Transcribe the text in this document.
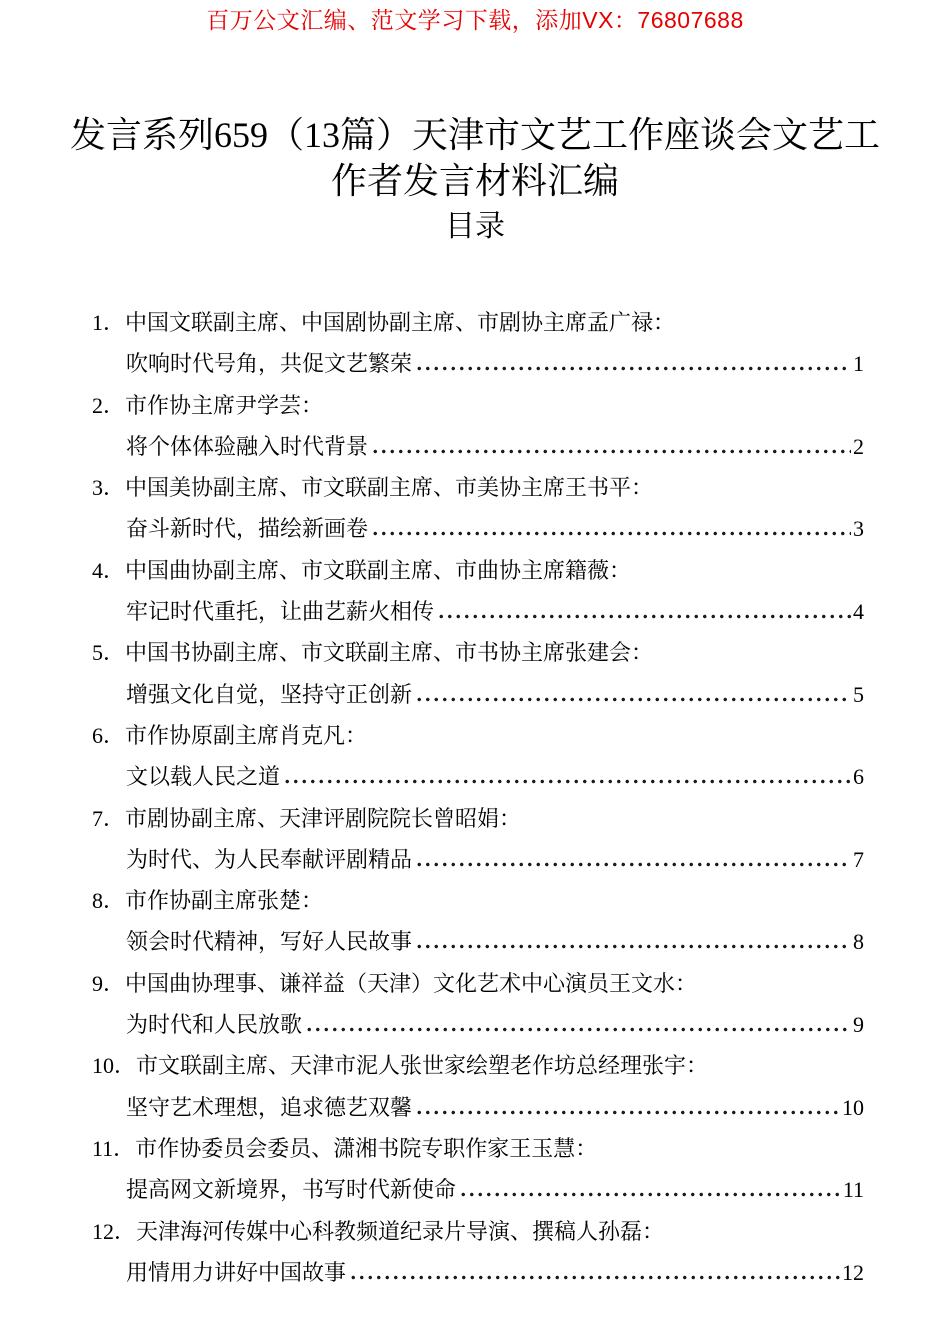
百万公文汇编、范文学习下载，添加VX：76807688
发言系列659（13篇）天津市文艺工作座谈会文艺工
作者发言材料汇编
目录
1． 中国文联副主席、中国剧协副主席、市剧协主席孟广禄：
吹响时代号角，共促文艺繁荣	1
2． 市作协主席尹学芸：
将个体体验融入时代背景	2
3． 中国美协副主席、市文联副主席、市美协主席王书平：
奋斗新时代，描绘新画卷	3
4． 中国曲协副主席、市文联副主席、市曲协主席籍薇：
牢记时代重托，让曲艺薪火相传	4
5． 中国书协副主席、市文联副主席、市书协主席张建会：
增强文化自觉，坚持守正创新	5
6． 市作协原副主席肖克凡：
文以载人民之道	6
7． 市剧协副主席、天津评剧院院长曾昭娟：
为时代、为人民奉献评剧精品	7
8． 市作协副主席张楚：
领会时代精神，写好人民故事	8
9． 中国曲协理事、谦祥益（天津）文化艺术中心演员王文水：
为时代和人民放歌	9
10． 市文联副主席、天津市泥人张世家绘塑老作坊总经理张宇：
坚守艺术理想，追求德艺双馨	10
11． 市作协委员会委员、潇湘书院专职作家王玉慧：
提高网文新境界，书写时代新使命	11
12． 天津海河传媒中心科教频道纪录片导演、撰稿人孙磊：
用情用力讲好中国故事	12
